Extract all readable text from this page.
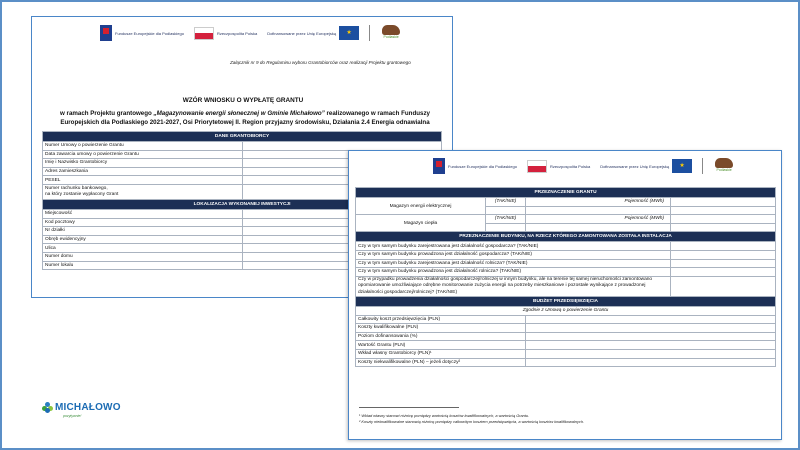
Fundusze Europejskie dla Podlaskiego	Rzeczpospolita Polska	Dofinansowane przez Unię Europejską	★
Podlaskie
Załącznik nr 9 do Regulaminu wyboru Grantobiorców oraz realizacji Projektu grantowego
WZÓR WNIOSKU O WYPŁATĘ GRANTU
w ramach Projektu grantowego „Magazynowanie energii słonecznej w Gminie Michałowo” realizowanego w ramach Funduszy Europejskich dla Podlaskiego 2021-2027, Osi Priorytetowej II. Region przyjazny środowisku, Działania 2.4 Energia odnawialna
DANE GRANTOBIORCY	
Numer Umowy o powierzenie Grantu	
Data zawarcia umowy o powierzenie Grantu	
Imię i Nazwisko Grantobiorcy	
Adres zamieszkania	
PESEL	
Numer rachunku bankowego,
na który zostanie wypłacony Grant	
LOKALIZACJA WYKONANEJ INWESTYCJI	
Miejscowość	
Kod pocztowy	
Nr działki	
Obręb ewidencyjny	
Ulica	
Numer domu	
Numer lokalu	
Fundusze Europejskie dla Podlaskiego	Rzeczpospolita Polska	Dofinansowane przez Unię Europejską	★
Podlaskie
PRZEZNACZENIE GRANTU			
Magazyn energii elektrycznej	(TAK/NIE)	Pojemność (MWh)	

Magazyn ciepła	(TAK/NIE)	Pojemność (MWh)	

PRZEZNACZENIE BUDYNKU, NA RZECZ KTÓREGO ZAMONTOWANA ZOSTAŁA INSTALACJA			
Czy w tym samym budynku zarejestrowana jest działalność gospodarcza? (TAK/NIE)			
Czy w tym samym budynku prowadzona jest działalność gospodarcza? (TAK/NIE)			
Czy w tym samym budynku zarejestrowana jest działalność rolnicza? (TAK/NIE)			
Czy w tym samym budynku prowadzona jest działalność rolnicza? (TAK/NIE)			
Czy w przypadku prowadzenia działalności gospodarczej/rolniczej w innym budynku, ale na terenie tej samej nieruchomości zamontowano opomiarowanie umożliwiające odrębne monitorowanie zużycia energii na potrzeby mieszkaniowe i pozostałe wynikające z prowadzonej działalności gospodarczej/rolniczej? (TAK/NIE)			
BUDŻET PRZEDSIĘWZIĘCIA			
Zgodnie z Umową o powierzenie Grantu			
Całkowity koszt przedsięwzięcia (PLN)			
Koszty kwalifikowalne (PLN)			
Poziom dofinansowania (%)			
Wartość Grantu (PLN)			
Wkład własny Grantobiorcy (PLN)¹			
Koszty niekwalifikowalne (PLN) – jeżeli dotyczy²			
¹ Wkład własny stanowi różnicę pomiędzy wartością kosztów kwalifikowalnych, a wartością Grantu.
² Koszty niekwalifikowalne stanowią różnicę pomiędzy całkowitym kosztem przedsięwzięcia, a wartością kosztów kwalifikowalnych.
MICHAŁOWO
pozytywnie!
